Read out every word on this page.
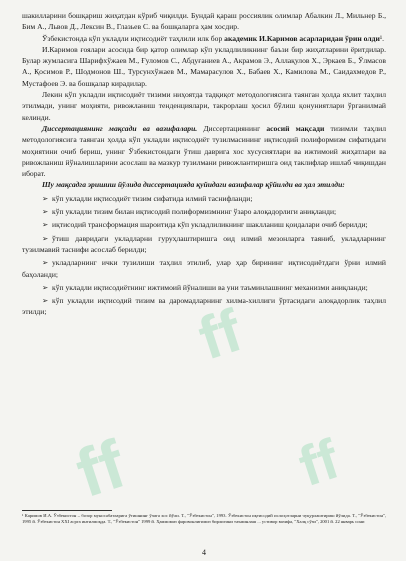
шакилларини бошқариш жиҳатдан кўриб чиқилди. Бундай қараш россиялик олимлар Абалкин Л., Мильнер Б., Бим А., Львов Д., Лексин В., Глазьев С. ва бошқаларга ҳам хосдир.

Ўзбекистонда кўп укладли иқтисодиёт таҳлили илк бор академик И.Каримов асарларидан ўрин олди¹.

И.Каримов ғоялари асосида бир қатор олимлар кўп укладлиликнинг баъзи бир жиҳатларини ёритдилар. Булар жумласига Шарифхўжаев М., Ғуломов С., Абдуғаниев А., Акрамов Э., Аллақулов Х., Эркаев Б., Ўлмасов А., Қосимов Р., Шодмонов Ш., Турсунхўжаев М., Мамарасулов Х., Бабаев Х., Камилова М., Саидахмедов Р., Мустафоев Э. ва бошқалар кирадилар.

Лекин кўп укладли иқтисодиёт тизими ниҳоятда тадқиқот методологиясига таянган ҳолда яхлит таҳлил этилмади, унинг моҳияти, ривожланиш тенденциялари, такрорлаш ҳосил бўлиш қонуниятлари ўрганилмай келинди.

Диссертациянинг мақсади ва вазифалари. Диссертациянинг асосий мақсади тизимли таҳлил методологиясига таянган ҳолда кўп укладли иқтисодиёт тузилмасининг иқтисодий полиформизм сифатидаги моҳиятини очиб бериш, унинг Ўзбекистондаги ўтиш даврига хос хусусиятлари ва ижтимоий жиҳатлари ва ривожланиш йўналишларини асослаш ва мазкур тузилмани ривожлантиришга оид таклифлар ишлаб чиқишдан иборат.

Шу мақсадга эришиш йўлида диссертацияда қуйидаги вазифалар қўйилди ва ҳал этилди:

➢ кўп укладли иқтисодиёт тизим сифатида илмий таснифланди;

➢ кўп укладли тизим билан иқтисодий полиформизмнинг ўзаро алоқадорлиги аниқланди;

➢ иқтисодий трансформация шароитида кўп укладлиликнинг шаклланиш қоидалари очиб берилди;

➢ ўтиш давридаги укладларни гуруҳлаштиришга оид илмий мезонларга таяниб, укладларнинг тузилмавий таснифи асослаб берилди;

➢ укладларнинг ички тузилиши таҳлил этилиб, улар ҳар бирининг иқтисодиётдаги ўрни илмий баҳоланди;

➢ кўп укладли иқтисодиётнинг ижтимоий йўналиши ва уни таъминлашнинг механизми аниқланди;

➢ кўп укладли иқтисодий тизим ва даромадларнинг хилма-хиллиги ўртасидаги алоқадорлик таҳлил этилди;

¹ Каримов И.А. Ўзбекистон – бозор муносабатларига ўтишнинг ўзига хос йўли. Т., "Ўзбекистон", 1993. Ўзбекистон иқтисодий ислоҳотларни чуқурлаштириш йўлида. Т., "Ўзбекистон", 1995 й. Ўзбекистон XXI асрга интилмоқда. Т., "Ўзбекистон" 1999 й. Ҳаммомиз фаровонлигимиз бирлигини таъминлаш ... устивор вазифа, "Халқ сўзи", 2001 й. 22 январь сони
4
ff	ff
ff
